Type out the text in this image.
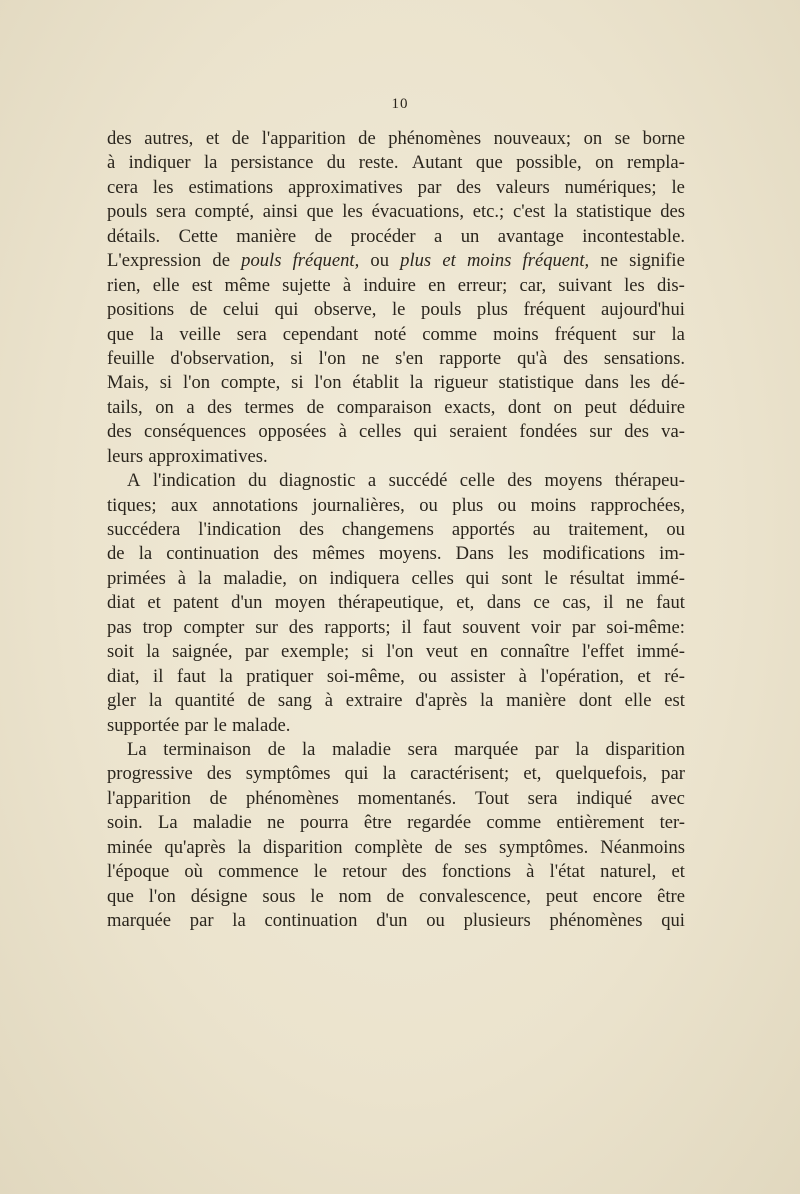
10
des autres, et de l'apparition de phénomènes nouveaux; on se borne
à indiquer la persistance du reste. Autant que possible, on rempla-
cera les estimations approximatives par des valeurs numériques; le
pouls sera compté, ainsi que les évacuations, etc.; c'est la statistique des
détails. Cette manière de procéder a un avantage incontestable.
L'expression de pouls fréquent, ou plus et moins fréquent, ne signifie
rien, elle est même sujette à induire en erreur; car, suivant les dis-
positions de celui qui observe, le pouls plus fréquent aujourd'hui
que la veille sera cependant noté comme moins fréquent sur la
feuille d'observation, si l'on ne s'en rapporte qu'à des sensations.
Mais, si l'on compte, si l'on établit la rigueur statistique dans les dé-
tails, on a des termes de comparaison exacts, dont on peut déduire
des conséquences opposées à celles qui seraient fondées sur des va-
leurs approximatives.
A l'indication du diagnostic a succédé celle des moyens thérapeu-
tiques; aux annotations journalières, ou plus ou moins rapprochées,
succédera l'indication des changemens apportés au traitement, ou
de la continuation des mêmes moyens. Dans les modifications im-
primées à la maladie, on indiquera celles qui sont le résultat immé-
diat et patent d'un moyen thérapeutique, et, dans ce cas, il ne faut
pas trop compter sur des rapports; il faut souvent voir par soi-même:
soit la saignée, par exemple; si l'on veut en connaître l'effet immé-
diat, il faut la pratiquer soi-même, ou assister à l'opération, et ré-
gler la quantité de sang à extraire d'après la manière dont elle est
supportée par le malade.
La terminaison de la maladie sera marquée par la disparition
progressive des symptômes qui la caractérisent; et, quelquefois, par
l'apparition de phénomènes momentanés. Tout sera indiqué avec
soin. La maladie ne pourra être regardée comme entièrement ter-
minée qu'après la disparition complète de ses symptômes. Néanmoins
l'époque où commence le retour des fonctions à l'état naturel, et
que l'on désigne sous le nom de convalescence, peut encore être
marquée par la continuation d'un ou plusieurs phénomènes qui
